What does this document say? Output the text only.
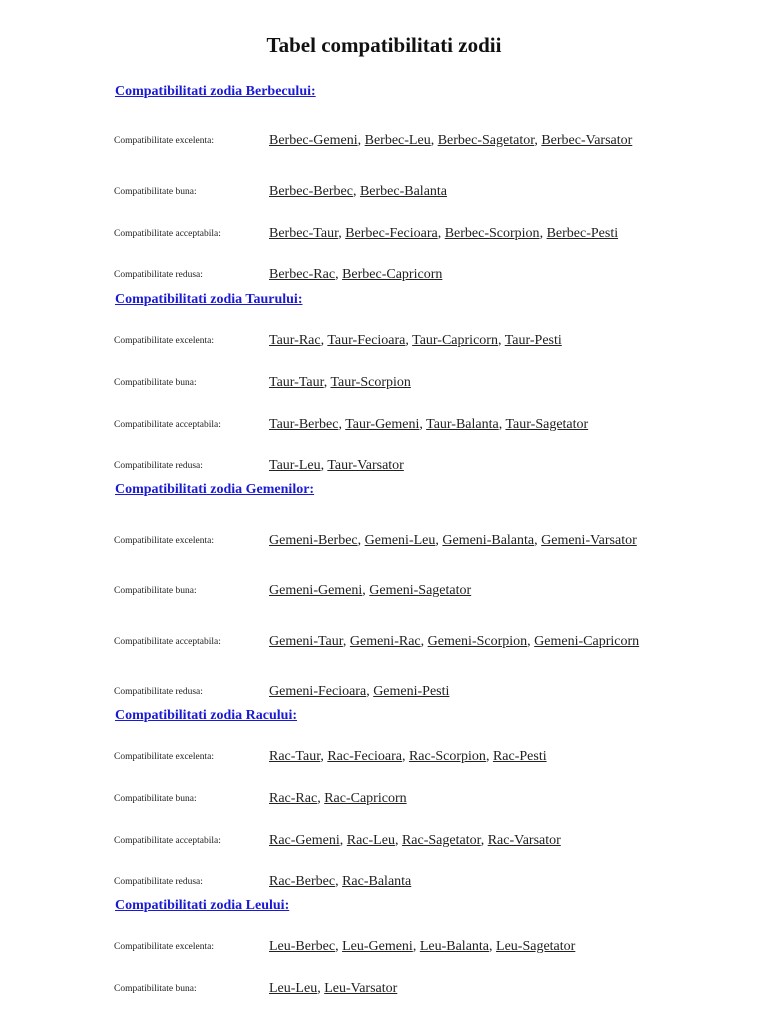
Tabel compatibilitati zodii
Compatibilitati zodia Berbecului:
Compatibilitate excelenta:	Berbec-Gemeni, Berbec-Leu, Berbec-Sagetator, Berbec-Varsator
Compatibilitate buna:	Berbec-Berbec, Berbec-Balanta
Compatibilitate acceptabila:	Berbec-Taur, Berbec-Fecioara, Berbec-Scorpion, Berbec-Pesti
Compatibilitate redusa:	Berbec-Rac, Berbec-Capricorn
Compatibilitati zodia Taurului:
Compatibilitate excelenta:	Taur-Rac, Taur-Fecioara, Taur-Capricorn, Taur-Pesti
Compatibilitate buna:	Taur-Taur, Taur-Scorpion
Compatibilitate acceptabila:	Taur-Berbec, Taur-Gemeni, Taur-Balanta, Taur-Sagetator
Compatibilitate redusa:	Taur-Leu, Taur-Varsator
Compatibilitati zodia Gemenilor:
Compatibilitate excelenta:	Gemeni-Berbec, Gemeni-Leu, Gemeni-Balanta, Gemeni-Varsator
Compatibilitate buna:	Gemeni-Gemeni, Gemeni-Sagetator
Compatibilitate acceptabila:	Gemeni-Taur, Gemeni-Rac, Gemeni-Scorpion, Gemeni-Capricorn
Compatibilitate redusa:	Gemeni-Fecioara, Gemeni-Pesti
Compatibilitati zodia Racului:
Compatibilitate excelenta:	Rac-Taur, Rac-Fecioara, Rac-Scorpion, Rac-Pesti
Compatibilitate buna:	Rac-Rac, Rac-Capricorn
Compatibilitate acceptabila:	Rac-Gemeni, Rac-Leu, Rac-Sagetator, Rac-Varsator
Compatibilitate redusa:	Rac-Berbec, Rac-Balanta
Compatibilitati zodia Leului:
Compatibilitate excelenta:	Leu-Berbec, Leu-Gemeni, Leu-Balanta, Leu-Sagetator
Compatibilitate buna:	Leu-Leu, Leu-Varsator
